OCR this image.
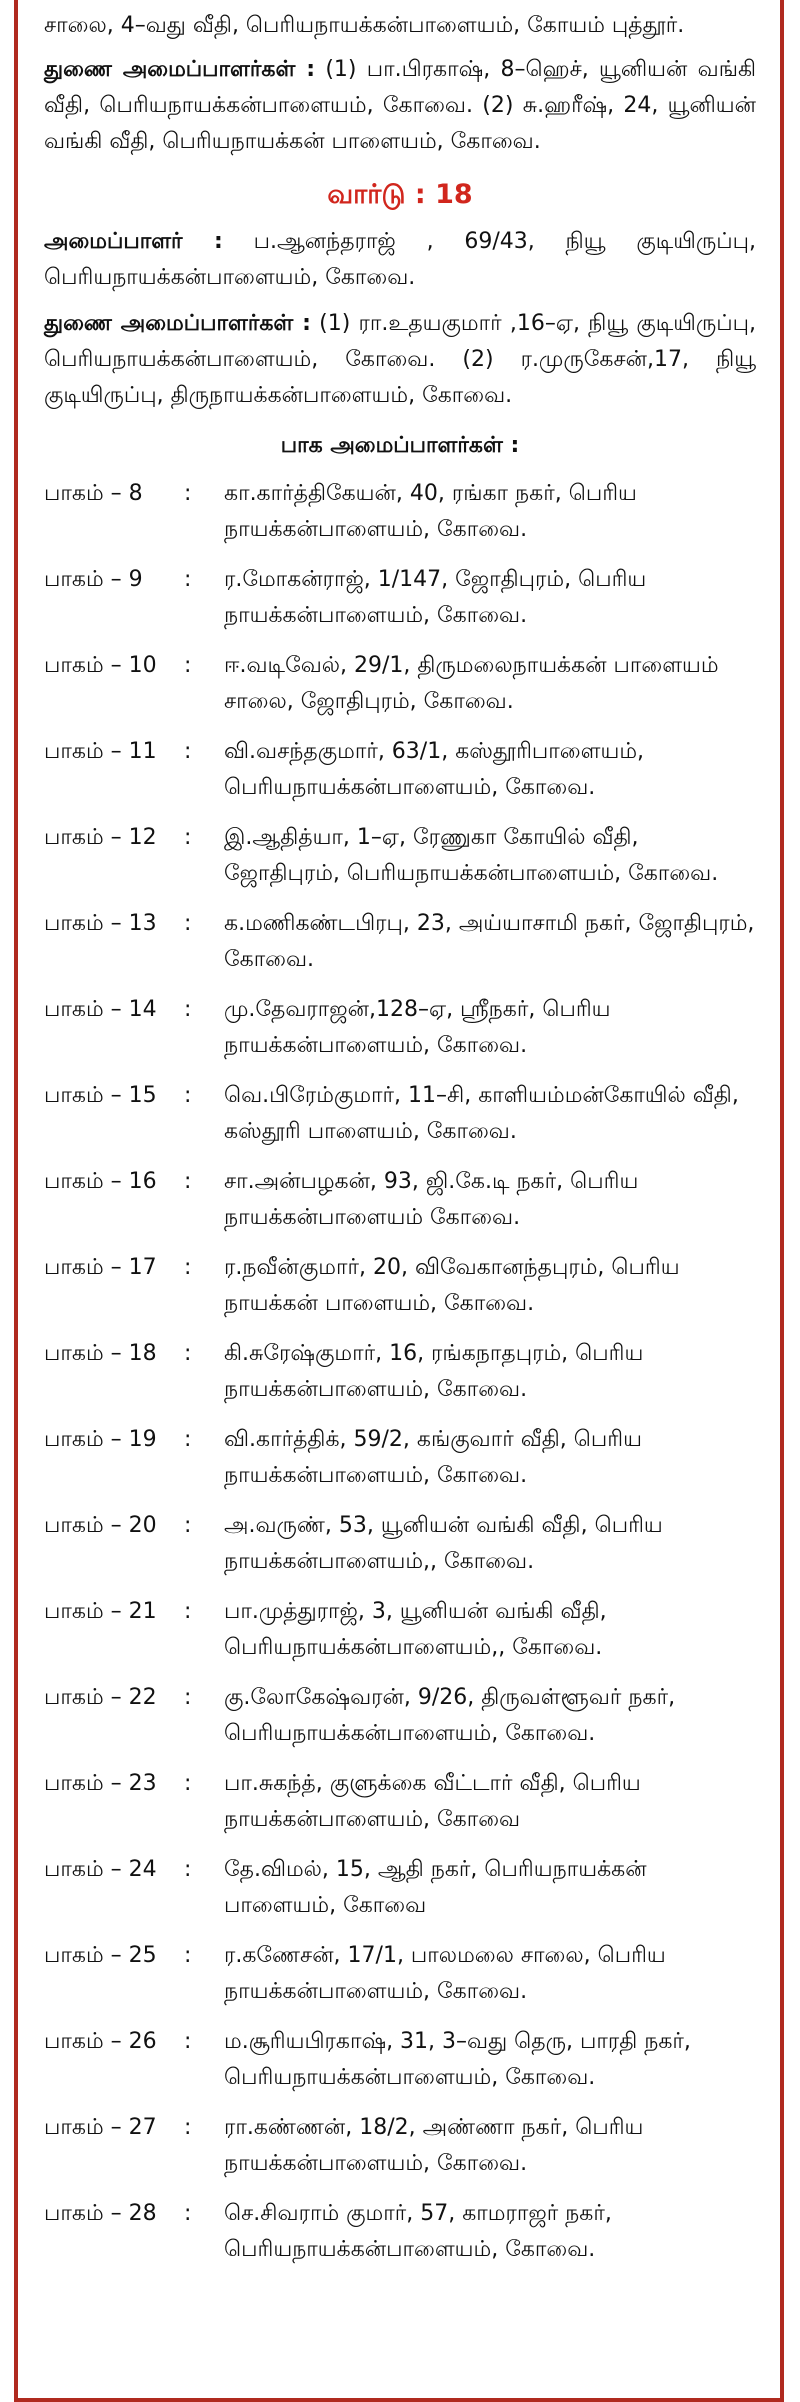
சாலை, 4–வது வீதி, பெரியநாயக்கன்பாளையம், கோயம் புத்தூர்.

துணை அமைப்பாளர்கள் : (1) பா.பிரகாஷ், 8–ஹெச், யூனியன் வங்கி வீதி, பெரியநாயக்கன்பாளையம், கோவை. (2) சு.ஹரீஷ், 24, யூனியன் வங்கி வீதி, பெரியநாயக்கன் பாளையம், கோவை.

வார்டு : 18

அமைப்பாளர் : ப.ஆனந்தராஜ் , 69/43, நியூ குடியிருப்பு, பெரியநாயக்கன்பாளையம், கோவை.

துணை அமைப்பாளர்கள் : (1) ரா.உதயகுமார் ,16–ஏ, நியூ குடியிருப்பு, பெரியநாயக்கன்பாளையம், கோவை. (2) ர.முருகேசன்,17, நியூ குடியிருப்பு, திருநாயக்கன்பாளையம், கோவை.

பாக அமைப்பாளர்கள் :
பாகம் – 8	:	கா.கார்த்திகேயன், 40, ரங்கா நகர், பெரிய நாயக்கன்பாளையம், கோவை.
பாகம் – 9	:	ர.மோகன்ராஜ், 1/147, ஜோதிபுரம், பெரிய நாயக்கன்பாளையம், கோவை.
பாகம் – 10	:	ஈ.வடிவேல், 29/1, திருமலைநாயக்கன் பாளையம் சாலை, ஜோதிபுரம், கோவை.
பாகம் – 11	:	வி.வசந்தகுமார், 63/1, கஸ்தூரிபாளையம், பெரியநாயக்கன்பாளையம், கோவை.
பாகம் – 12	:	இ.ஆதித்யா, 1–ஏ, ரேணுகா கோயில் வீதி, ஜோதிபுரம், பெரியநாயக்கன்பாளையம், கோவை.
பாகம் – 13	:	க.மணிகண்டபிரபு, 23, அய்யாசாமி நகர், ஜோதிபுரம், கோவை.
பாகம் – 14	:	மு.தேவராஜன்,128–ஏ, ஸ்ரீநகர், பெரிய நாயக்கன்பாளையம், கோவை.
பாகம் – 15	:	வெ.பிரேம்குமார், 11–சி, காளியம்மன்கோயில் வீதி, கஸ்தூரி பாளையம், கோவை.
பாகம் – 16	:	சா.அன்பழகன், 93, ஜி.கே.டி நகர், பெரிய நாயக்கன்பாளையம் கோவை.
பாகம் – 17	:	ர.நவீன்குமார், 20, விவேகானந்தபுரம், பெரிய நாயக்கன் பாளையம், கோவை.
பாகம் – 18	:	கி.சுரேஷ்குமார், 16, ரங்கநாதபுரம், பெரிய நாயக்கன்பாளையம், கோவை.
பாகம் – 19	:	வி.கார்த்திக், 59/2, கங்குவார் வீதி, பெரிய நாயக்கன்பாளையம், கோவை.
பாகம் – 20	:	அ.வருண், 53, யூனியன் வங்கி வீதி, பெரிய நாயக்கன்பாளையம்,, கோவை.
பாகம் – 21	:	பா.முத்துராஜ், 3, யூனியன் வங்கி வீதி, பெரியநாயக்கன்பாளையம்,, கோவை.
பாகம் – 22	:	கு.லோகேஷ்வரன், 9/26, திருவள்ளூவர் நகர், பெரியநாயக்கன்பாளையம், கோவை.
பாகம் – 23	:	பா.சுகந்த், குளுக்கை வீட்டார் வீதி, பெரிய நாயக்கன்பாளையம், கோவை
பாகம் – 24	:	தே.விமல், 15, ஆதி நகர், பெரியநாயக்கன் பாளையம், கோவை
பாகம் – 25	:	ர.கணேசன், 17/1, பாலமலை சாலை, பெரிய நாயக்கன்பாளையம், கோவை.
பாகம் – 26	:	ம.சூரியபிரகாஷ், 31, 3–வது தெரு, பாரதி நகர், பெரியநாயக்கன்பாளையம், கோவை.
பாகம் – 27	:	ரா.கண்ணன், 18/2, அண்ணா நகர், பெரிய நாயக்கன்பாளையம், கோவை.
பாகம் – 28	:	செ.சிவராம் குமார், 57, காமராஜர் நகர், பெரியநாயக்கன்பாளையம், கோவை.
